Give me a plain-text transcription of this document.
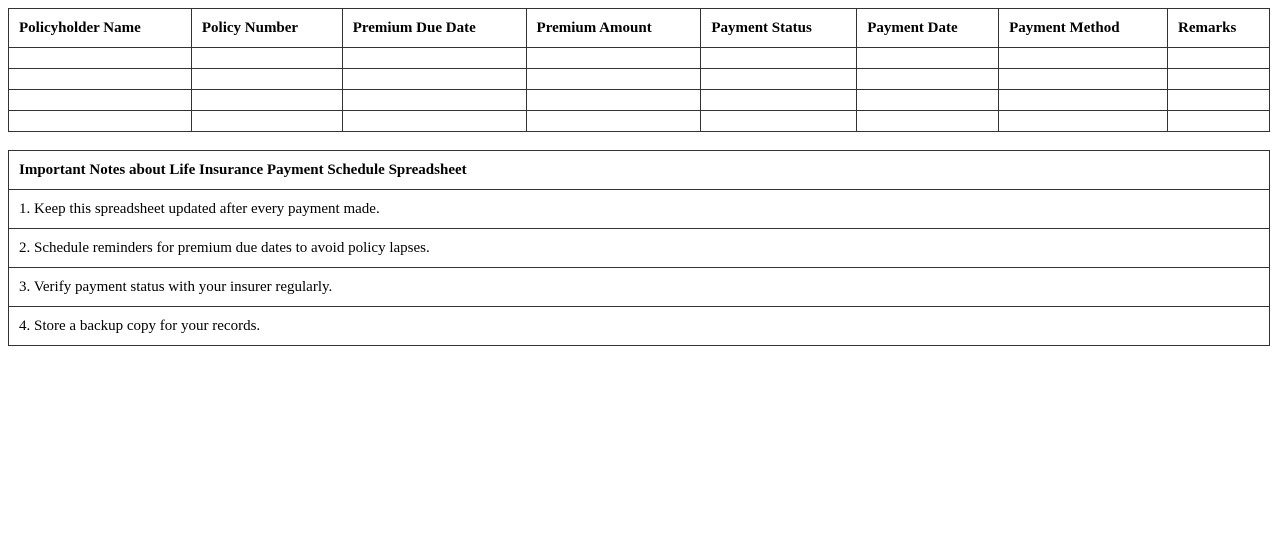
Policyholder Name	Policy Number	Premium Due Date	Premium Amount	Payment Status	Payment Date	Payment Method	Remarks

Important Notes about Life Insurance Payment Schedule Spreadsheet
1. Keep this spreadsheet updated after every payment made.
2. Schedule reminders for premium due dates to avoid policy lapses.
3. Verify payment status with your insurer regularly.
4. Store a backup copy for your records.
